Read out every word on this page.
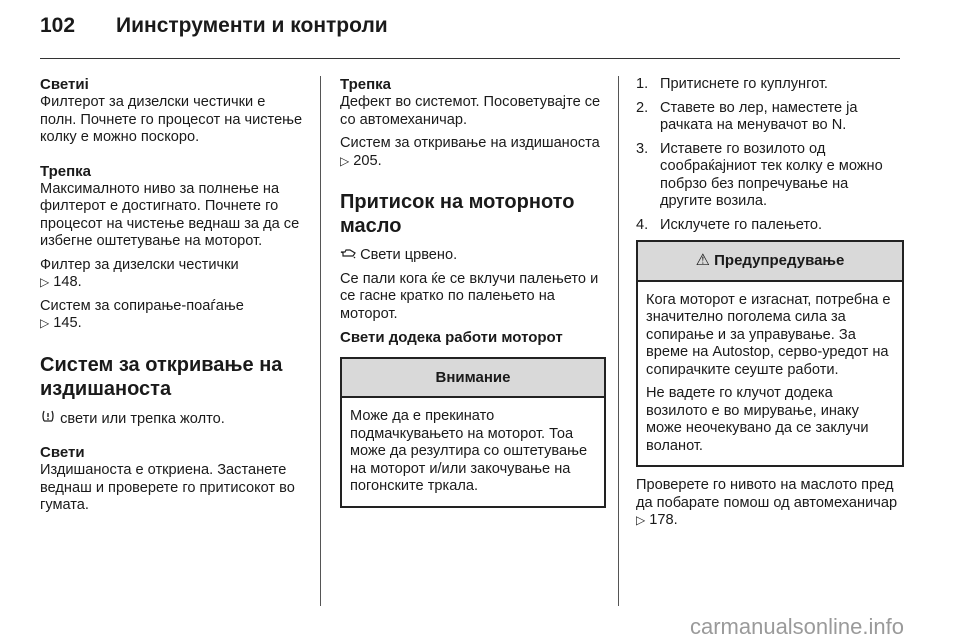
102	Иинструменти и контроли
Светиi

Филтерот за дизелски честички е полн. Почнете го процесот на чистење колку е можно поскоро.

Трепка

Максималното ниво за полнење на филтерот е достигнато. Почнете го процесот на чистење веднаш за да се избегне оштетување на моторот.

Филтер за дизелски честички
▷ 148.

Систем за сопирање-поаѓање
▷ 145.

Систем за откривање на издишаноста

свети или трепка жолто.

Свети

Издишаноста е откриена. Застанете веднаш и проверете го притисокот во гумата.

Трепка

Дефект во системот. Посоветувајте се со автомеханичар.

Систем за откривање на издишаноста ▷ 205.

Притисок на моторното масло

Свети црвено.

Се пали кога ќе се вклучи палењето и се гасне кратко по палењето на моторот.

Свети додека работи моторот

Внимание

Може да е прекинато подмачкувањето на моторот. Тоа може да резултира со оштетување на моторот и/или закочување на погонските тркала.

1. Притиснете го куплунгот.
2. Ставете во лер, наместете ја рачката на менувачот во N.
3. Иставете го возилото од сообраќајниот тек колку е можно побрзо без попречување на другите возила.
4. Исклучете го палењето.
⚠ Предупредување

Кога моторот е изгаснат, потребна е значително поголема сила за сопирање и за управување. За време на Autostop, серво-уредот на сопирачките сеуште работи.

Не вадете го клучот додека возилото е во мирување, инаку може неочекувано да се заклучи воланот.

Проверете го нивото на маслото пред да побарате помош од автомеханичар ▷ 178.

carmanualsonline.info
